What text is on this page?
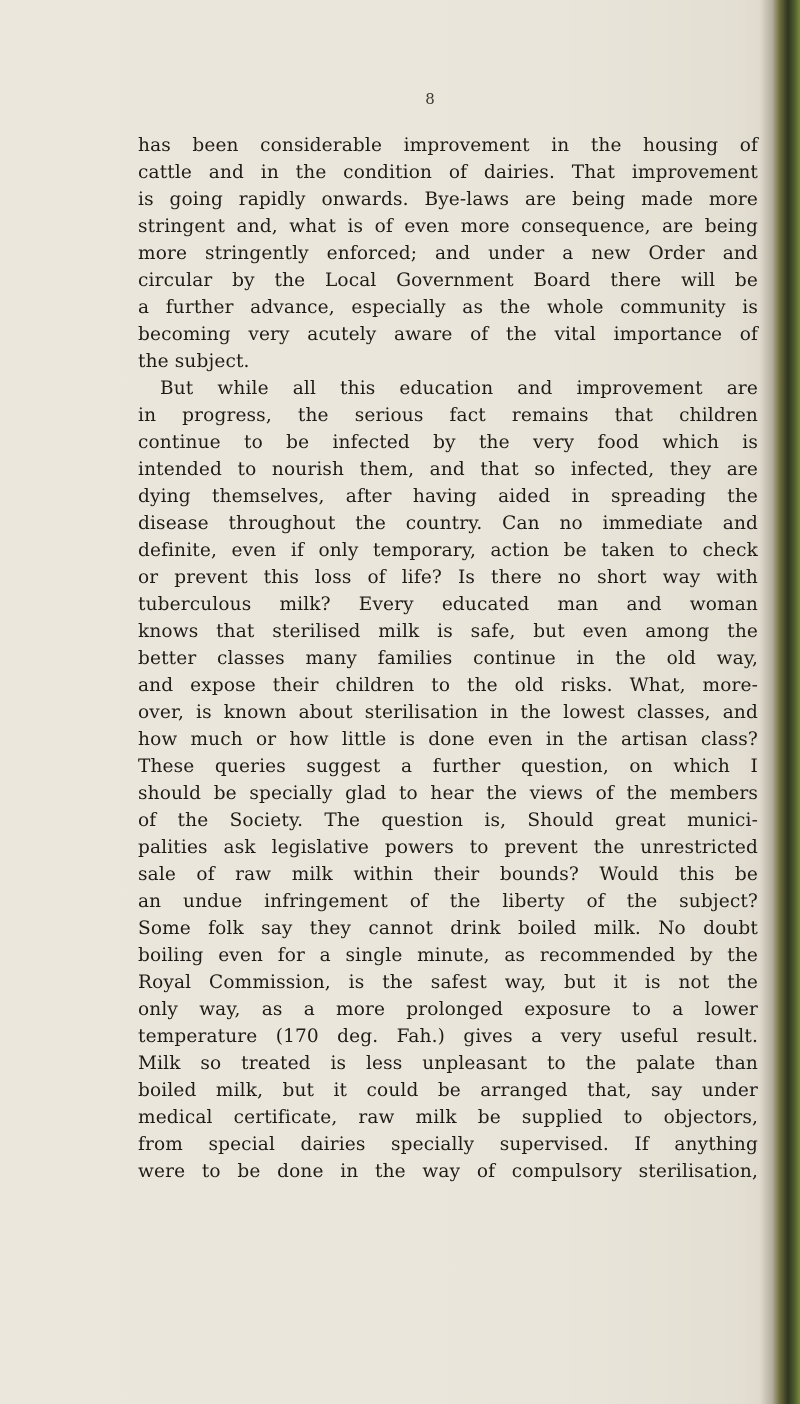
8
has been considerable improvement in the housing of
cattle and in the condition of dairies. That improvement
is going rapidly onwards. Bye-laws are being made more
stringent and, what is of even more consequence, are being
more stringently enforced; and under a new Order and
circular by the Local Government Board there will be
a further advance, especially as the whole community is
becoming very acutely aware of the vital importance of
the subject.
But while all this education and improvement are
in progress, the serious fact remains that children
continue to be infected by the very food which is
intended to nourish them, and that so infected, they are
dying themselves, after having aided in spreading the
disease throughout the country. Can no immediate and
definite, even if only temporary, action be taken to check
or prevent this loss of life? Is there no short way with
tuberculous milk? Every educated man and woman
knows that sterilised milk is safe, but even among the
better classes many families continue in the old way,
and expose their children to the old risks. What, more-
over, is known about sterilisation in the lowest classes, and
how much or how little is done even in the artisan class?
These queries suggest a further question, on which I
should be specially glad to hear the views of the members
of the Society. The question is, Should great munici-
palities ask legislative powers to prevent the unrestricted
sale of raw milk within their bounds? Would this be
an undue infringement of the liberty of the subject?
Some folk say they cannot drink boiled milk. No doubt
boiling even for a single minute, as recommended by the
Royal Commission, is the safest way, but it is not the
only way, as a more prolonged exposure to a lower
temperature (170 deg. Fah.) gives a very useful result.
Milk so treated is less unpleasant to the palate than
boiled milk, but it could be arranged that, say under
medical certificate, raw milk be supplied to objectors,
from special dairies specially supervised. If anything
were to be done in the way of compulsory sterilisation,
